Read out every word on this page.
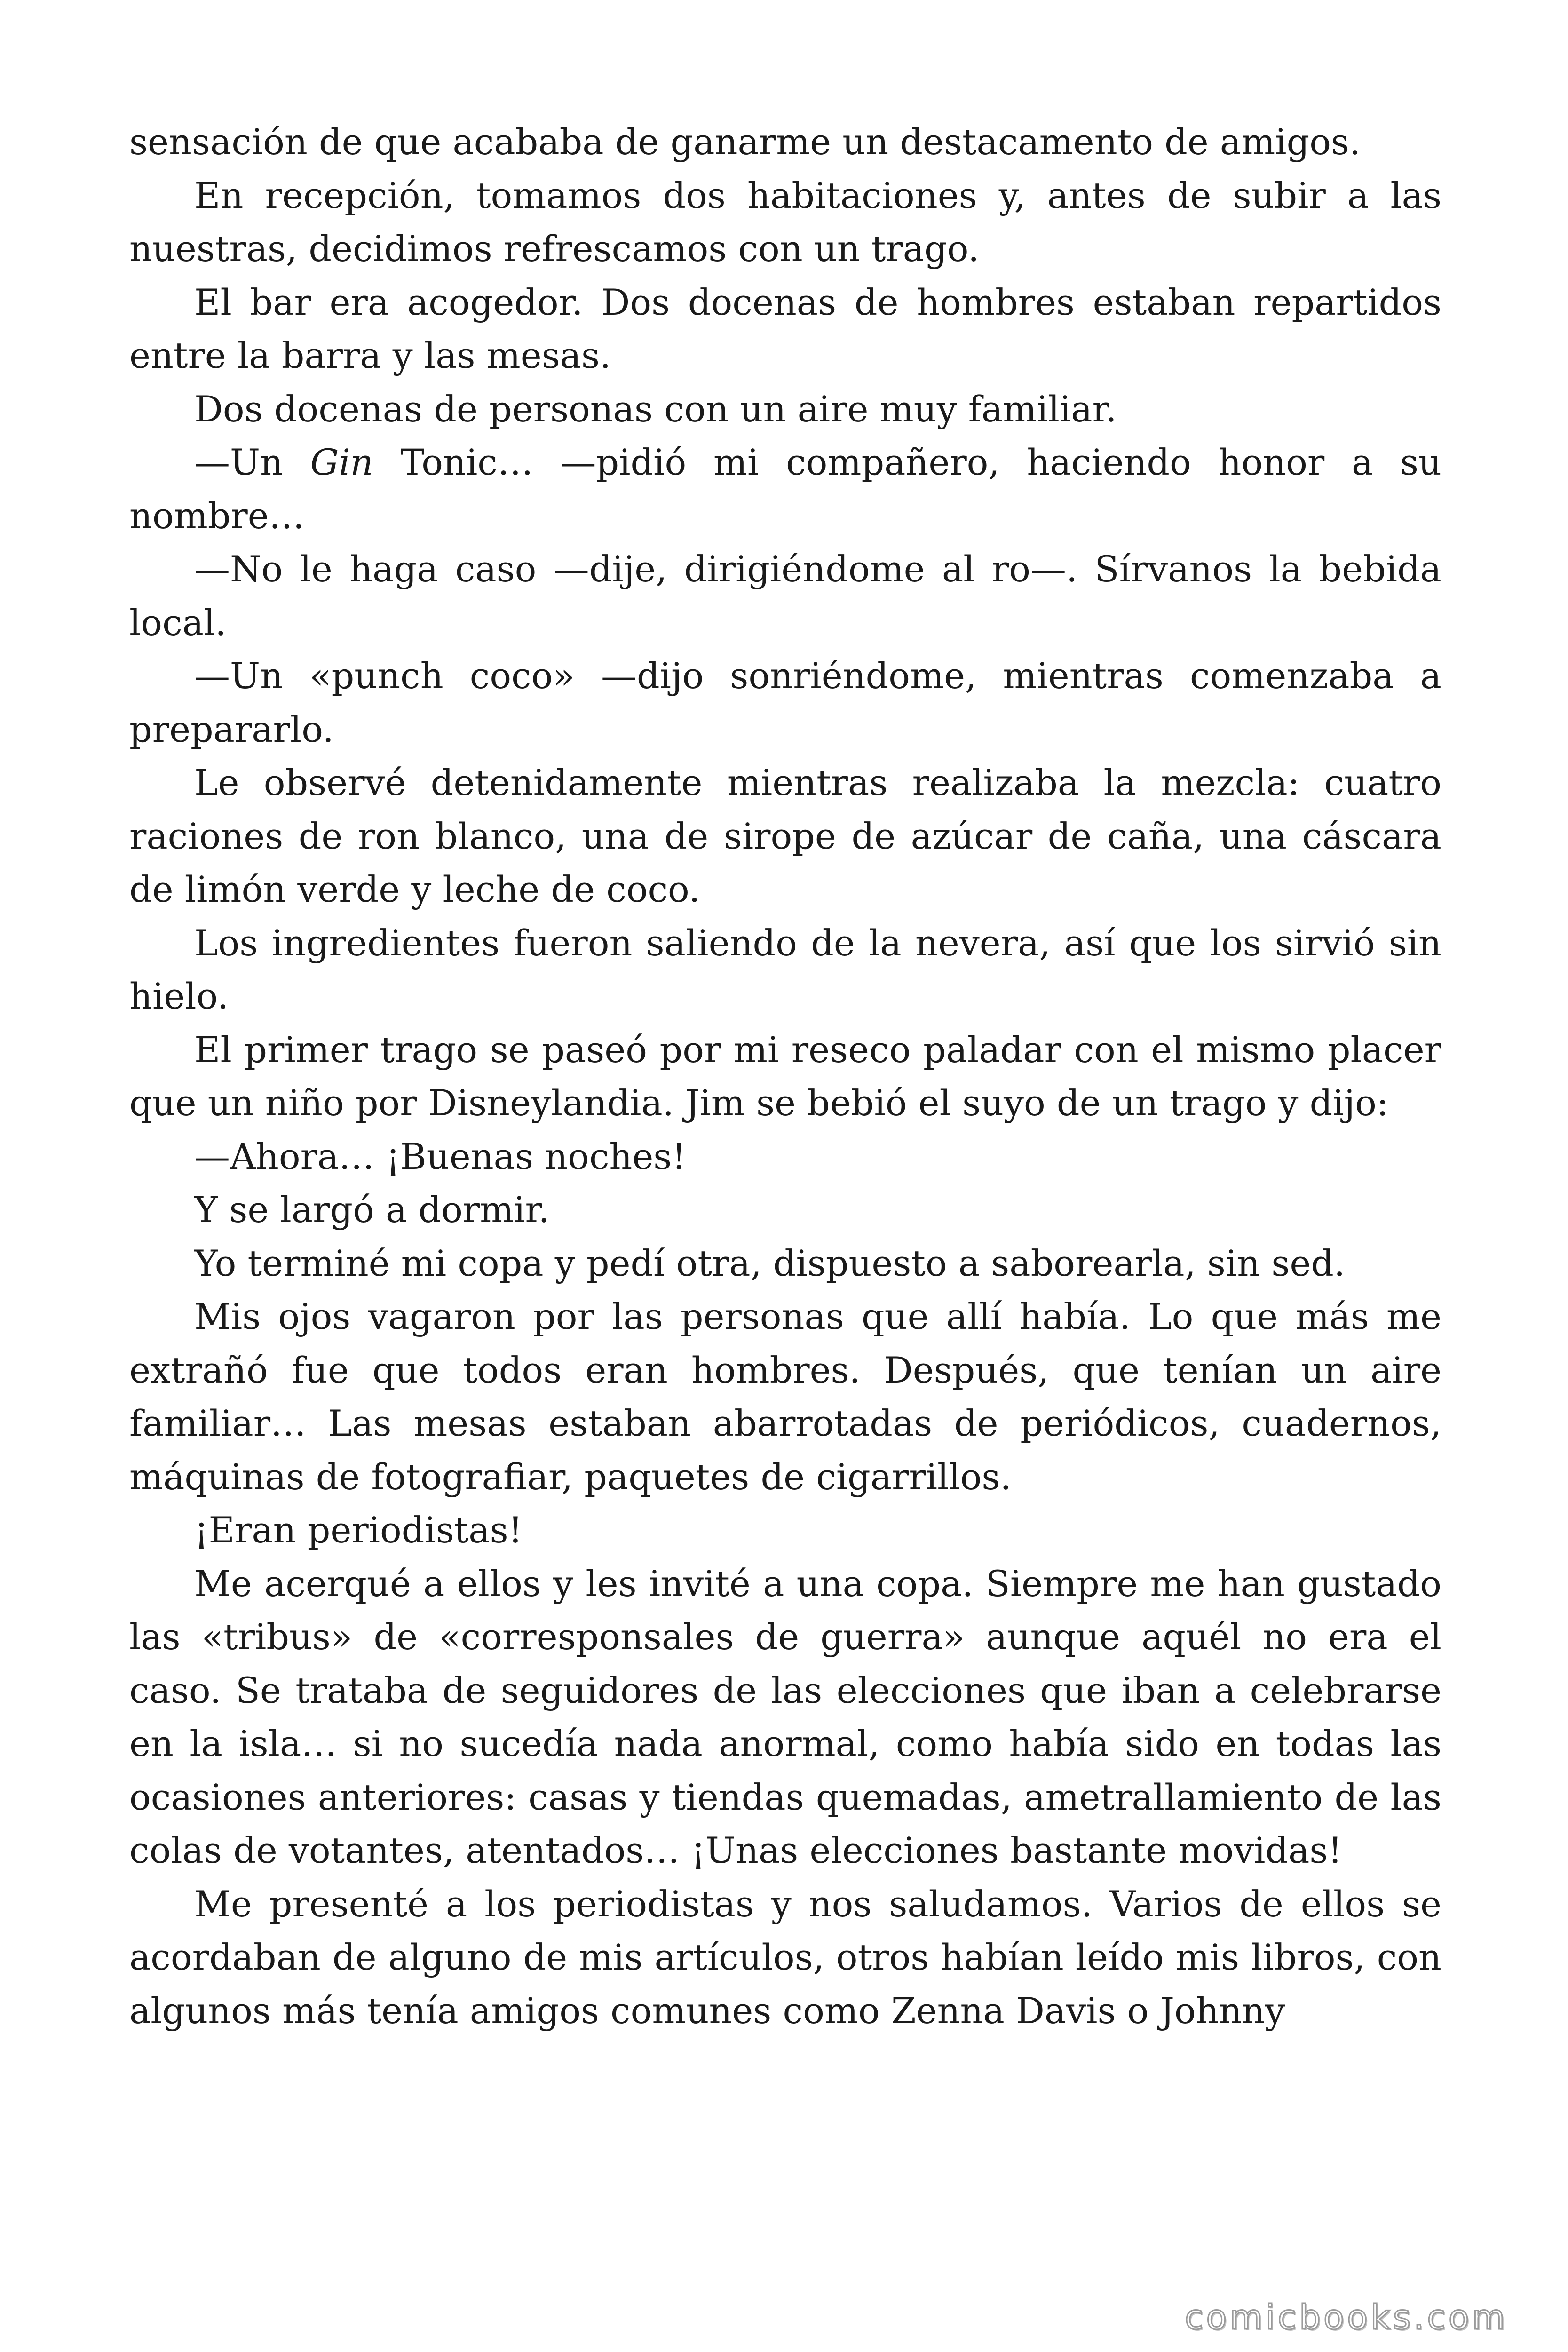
sensación de que acababa de ganarme un destacamento de amigos.

En recepción, tomamos dos habitaciones y, antes de subir a las nuestras, decidimos refrescamos con un trago.

El bar era acogedor. Dos docenas de hombres estaban repartidos entre la barra y las mesas.

Dos docenas de personas con un aire muy familiar.

—Un Gin Tonic… —pidió mi compañero, haciendo honor a su nombre…

—No le haga caso —dije, dirigiéndome al ro—. Sírvanos la bebida local.

—Un «punch coco» —dijo sonriéndome, mientras comenzaba a prepararlo.

Le observé detenidamente mientras realizaba la mezcla: cuatro raciones de ron blanco, una de sirope de azúcar de caña, una cáscara de limón verde y leche de coco.

Los ingredientes fueron saliendo de la nevera, así que los sirvió sin hielo.

El primer trago se paseó por mi reseco paladar con el mismo placer que un niño por Disneylandia. Jim se bebió el suyo de un trago y dijo:

—Ahora… ¡Buenas noches!

Y se largó a dormir.

Yo terminé mi copa y pedí otra, dispuesto a saborearla, sin sed.

Mis ojos vagaron por las personas que allí había. Lo que más me extrañó fue que todos eran hombres. Después, que tenían un aire familiar… Las mesas estaban abarrotadas de periódicos, cuadernos, máquinas de fotografiar, paquetes de cigarrillos.

¡Eran periodistas!

Me acerqué a ellos y les invité a una copa. Siempre me han gustado las «tribus» de «corresponsales de guerra» aunque aquél no era el caso. Se trataba de seguidores de las elecciones que iban a celebrarse en la isla… si no sucedía nada anormal, como había sido en todas las ocasiones anteriores: casas y tiendas quemadas, ametrallamiento de las colas de votantes, atentados… ¡Unas elecciones bastante movidas!

Me presenté a los periodistas y nos saludamos. Varios de ellos se acordaban de alguno de mis artículos, otros habían leído mis libros, con algunos más tenía amigos comunes como Zenna Davis o Johnny

comicbooks.com
